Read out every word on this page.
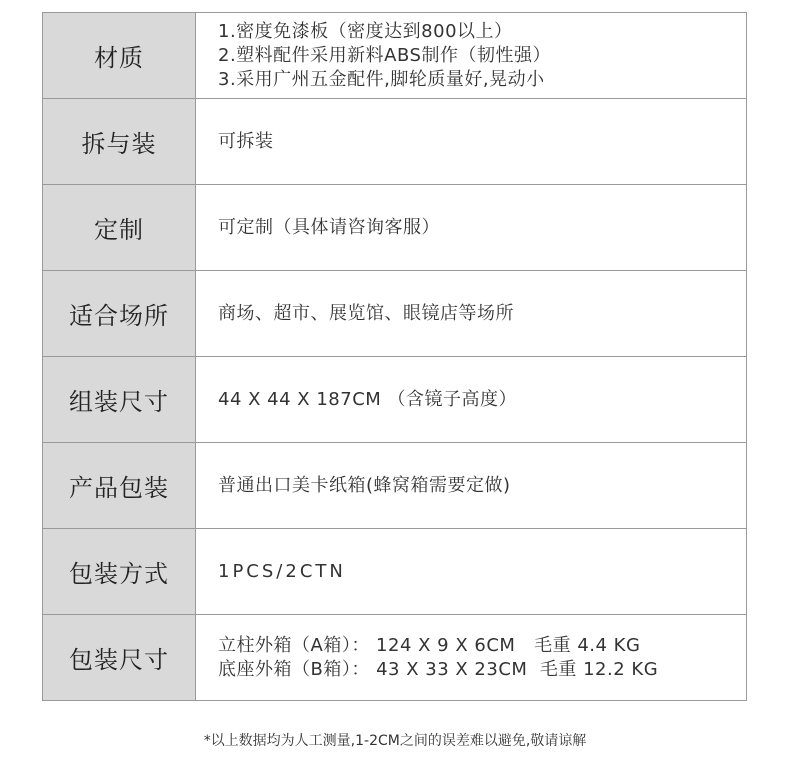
材质	1.密度免漆板（密度达到800以上）
2.塑料配件采用新料ABS制作（韧性强）
3.采用广州五金配件,脚轮质量好,晃动小

拆与装	可拆装

定制	可定制（具体请咨询客服）

适合场所	商场、超市、展览馆、眼镜店等场所

组装尺寸	44 X 44 X 187CM （含镜子高度）

产品包装	普通出口美卡纸箱(蜂窝箱需要定做)

包装方式	1PCS/2CTN

包装尺寸	立柱外箱（A箱）： 124 X 9 X 6CM   毛重 4.4 KG
底座外箱（B箱）： 43 X 33 X 23CM  毛重 12.2 KG
*以上数据均为人工测量,1-2CM之间的误差难以避免,敬请谅解
